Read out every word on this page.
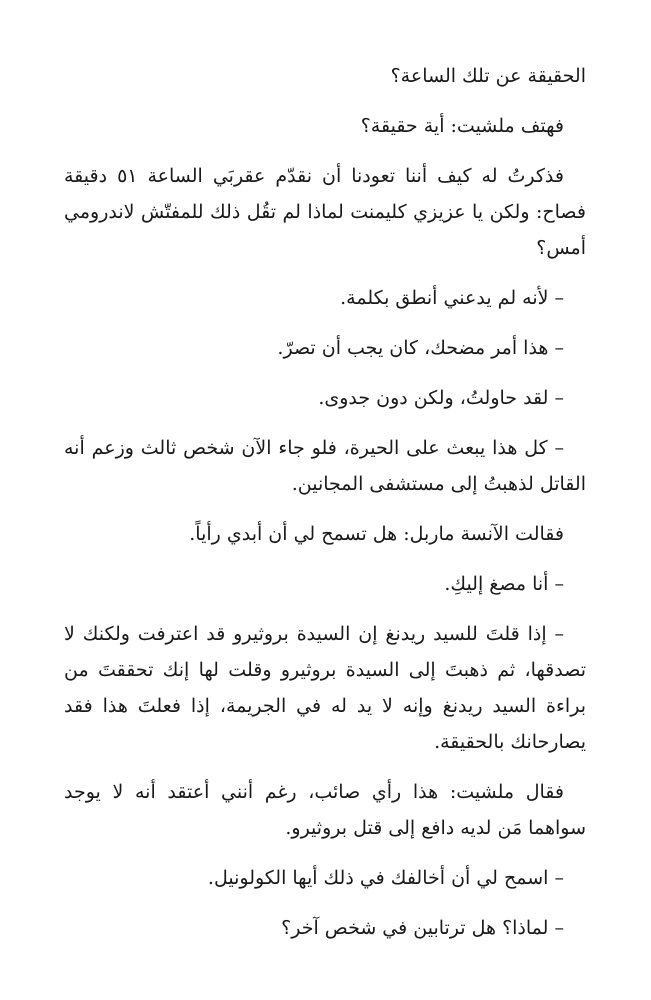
الحقيقة عن تلك الساعة؟

فهتف ملشيت: أية حقيقة؟

فذكرتُ له كيف أننا تعودنا أن نقدّم عقربَي الساعة ٥١ دقيقة فصاح: ولكن يا عزيزي كليمنت لماذا لم تقُل ذلك للمفتّش لاندرومي أمس؟

– لأنه لم يدعني أنطق بكلمة.

– هذا أمر مضحك، كان يجب أن تصرّ.

– لقد حاولتُ، ولكن دون جدوى.

– كل هذا يبعث على الحيرة، فلو جاء الآن شخص ثالث وزعم أنه القاتل لذهبتُ إلى مستشفى المجانين.

فقالت الآنسة ماربل: هل تسمح لي أن أبدي رأياً.

– أنا مصغ إليكِ.

– إذا قلتَ للسيد ريدنغ إن السيدة بروثيرو قد اعترفت ولكنك لا تصدقها، ثم ذهبتَ إلى السيدة بروثيرو وقلت لها إنك تحققتَ من براءة السيد ريدنغ وإنه لا يد له في الجريمة، إذا فعلتَ هذا فقد يصارحانك بالحقيقة.

فقال ملشيت: هذا رأي صائب، رغم أنني أعتقد أنه لا يوجد سواهما مَن لديه دافع إلى قتل بروثيرو.

– اسمح لي أن أخالفك في ذلك أيها الكولونيل.

– لماذا؟ هل ترتابين في شخص آخر؟
